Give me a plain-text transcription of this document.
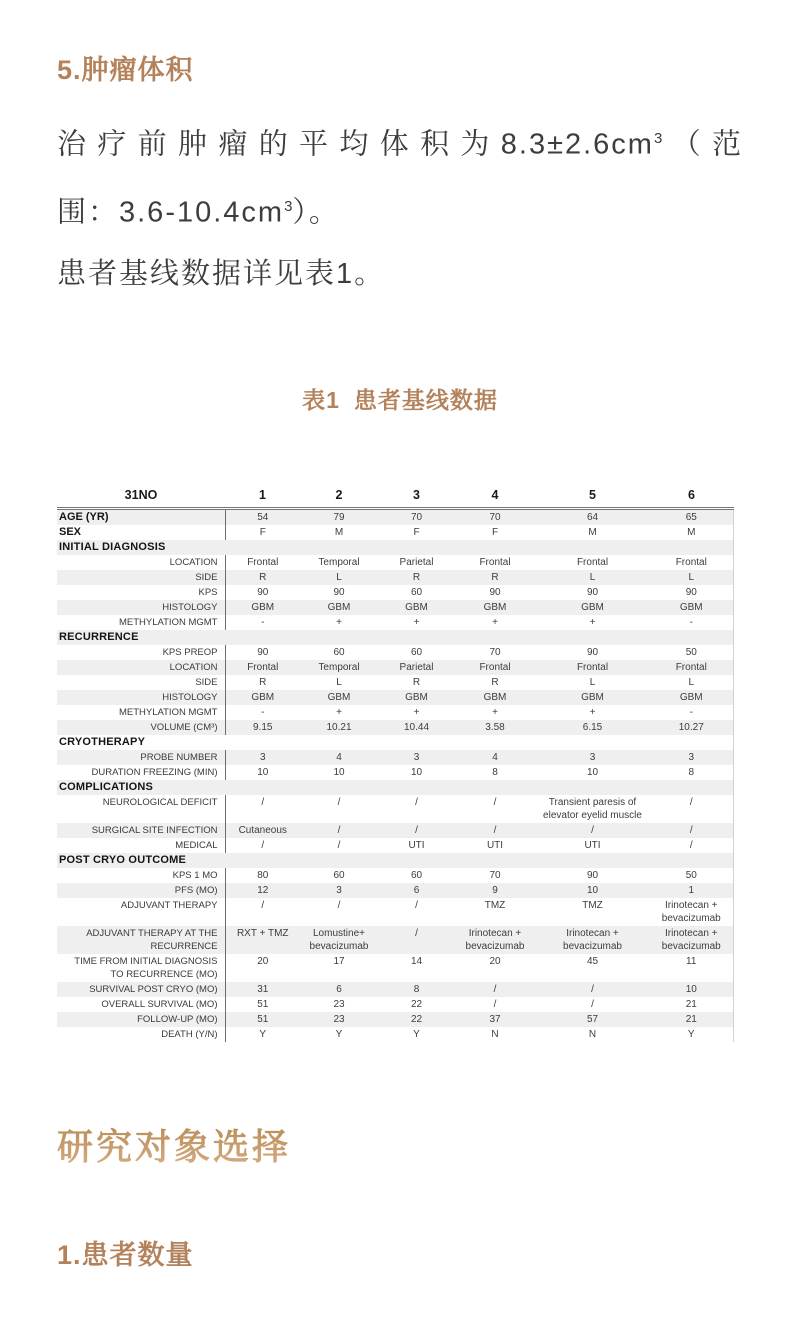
5.肿瘤体积
治疗前肿瘤的平均体积为$8.3\pm 2.6cm^3$（范
围：$3.6-10.4cm^3$）。
患者基线数据详见表1。
表1 患者基线数据
31NO	1	2	3	4	5	6
AGE (YR)	54	79	70	70	64	65
SEX	F	M	F	F	M	M
INITIAL DIAGNOSIS						
LOCATION	Frontal	Temporal	Parietal	Frontal	Frontal	Frontal
SIDE	R	L	R	R	L	L
KPS	90	90	60	90	90	90
HISTOLOGY	GBM	GBM	GBM	GBM	GBM	GBM
METHYLATION MGMT	-	+	+	+	+	-
RECURRENCE						
KPS PREOP	90	60	60	70	90	50
LOCATION	Frontal	Temporal	Parietal	Frontal	Frontal	Frontal
SIDE	R	L	R	R	L	L
HISTOLOGY	GBM	GBM	GBM	GBM	GBM	GBM
METHYLATION MGMT	-	+	+	+	+	-
VOLUME (CM³)	9.15	10.21	10.44	3.58	6.15	10.27
CRYOTHERAPY						
PROBE NUMBER	3	4	3	4	3	3
DURATION FREEZING (MIN)	10	10	10	8	10	8
COMPLICATIONS						
NEUROLOGICAL DEFICIT	/	/	/	/	Transient paresis of elevator eyelid muscle	/
SURGICAL SITE INFECTION	Cutaneous	/	/	/	/	/
MEDICAL	/	/	UTI	UTI	UTI	/
POST CRYO OUTCOME						
KPS 1 MO	80	60	60	70	90	50
PFS (MO)	12	3	6	9	10	1
ADJUVANT THERAPY	/	/	/	TMZ	TMZ	Irinotecan + bevacizumab
ADJUVANT THERAPY AT THE RECURRENCE	RXT + TMZ	Lomustine+ bevacizumab	/	Irinotecan + bevacizumab	Irinotecan + bevacizumab	Irinotecan + bevacizumab
TIME FROM INITIAL DIAGNOSIS TO RECURRENCE (MO)	20	17	14	20	45	11
SURVIVAL POST CRYO (MO)	31	6	8	/	/	10
OVERALL SURVIVAL (MO)	51	23	22	/	/	21
FOLLOW-UP (MO)	51	23	22	37	57	21
DEATH (Y/N)	Y	Y	Y	N	N	Y
研究对象选择
1.患者数量
